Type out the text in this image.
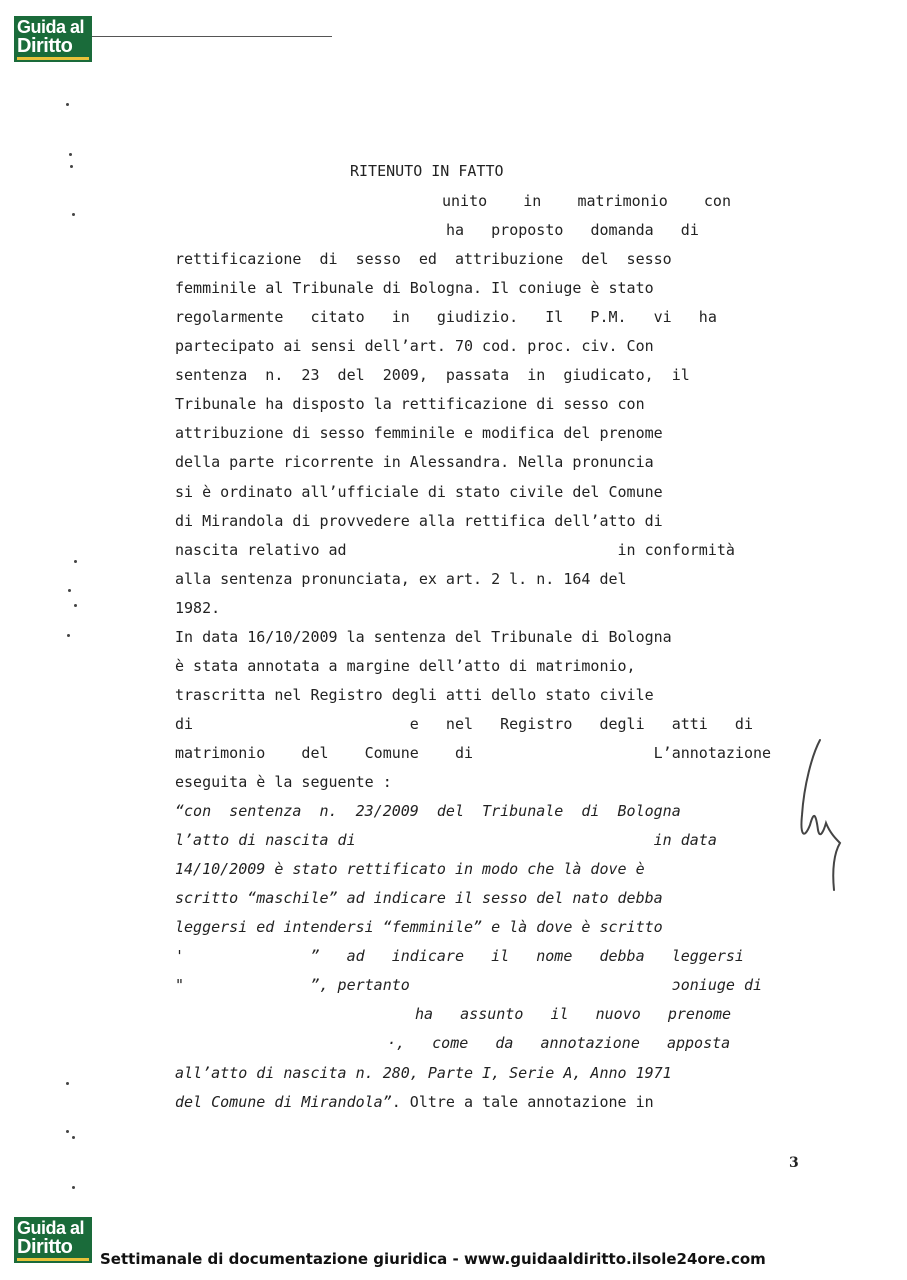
Guida al
Diritto
RITENUTO IN FATTO
unito    in    matrimonio    con
ha   proposto   domanda   di
rettificazione  di  sesso  ed  attribuzione  del  sesso
femminile al Tribunale di Bologna. Il coniuge è stato
regolarmente   citato   in   giudizio.   Il   P.M.   vi   ha
partecipato ai sensi dell’art. 70 cod. proc. civ. Con
sentenza  n.  23  del  2009,  passata  in  giudicato,  il
Tribunale ha disposto la rettificazione di sesso con
attribuzione di sesso femminile e modifica del prenome
della parte ricorrente in Alessandra. Nella pronuncia
si è ordinato all’ufficiale di stato civile del Comune
di Mirandola di provvedere alla rettifica dell’atto di
nascita relativo ad                              in conformità
alla sentenza pronunciata, ex art. 2 l. n. 164 del
1982.
In data 16/10/2009 la sentenza del Tribunale di Bologna
è stata annotata a margine dell’atto di matrimonio,
trascritta nel Registro degli atti dello stato civile
di                        e   nel   Registro   degli   atti   di
matrimonio    del    Comune    di                    L’annotazione
eseguita è la seguente :
“con  sentenza  n.  23/2009  del  Tribunale  di  Bologna
l’atto di nascita di                                 in data
14/10/2009 è stato rettificato in modo che là dove è
scritto “maschile” ad indicare il sesso del nato debba
leggersi ed intendersi “femminile” e là dove è scritto
'              ”   ad   indicare   il   nome   debba   leggersi
"              ”, pertanto                             ɔoniuge di
ha   assunto   il   nuovo   prenome
·,   come   da   annotazione   apposta
all’atto di nascita n. 280, Parte I, Serie A, Anno 1971
del Comune di Mirandola”. Oltre a tale annotazione in
3
Guida al
Diritto
Settimanale di documentazione giuridica - www.guidaaldiritto.ilsole24ore.com
